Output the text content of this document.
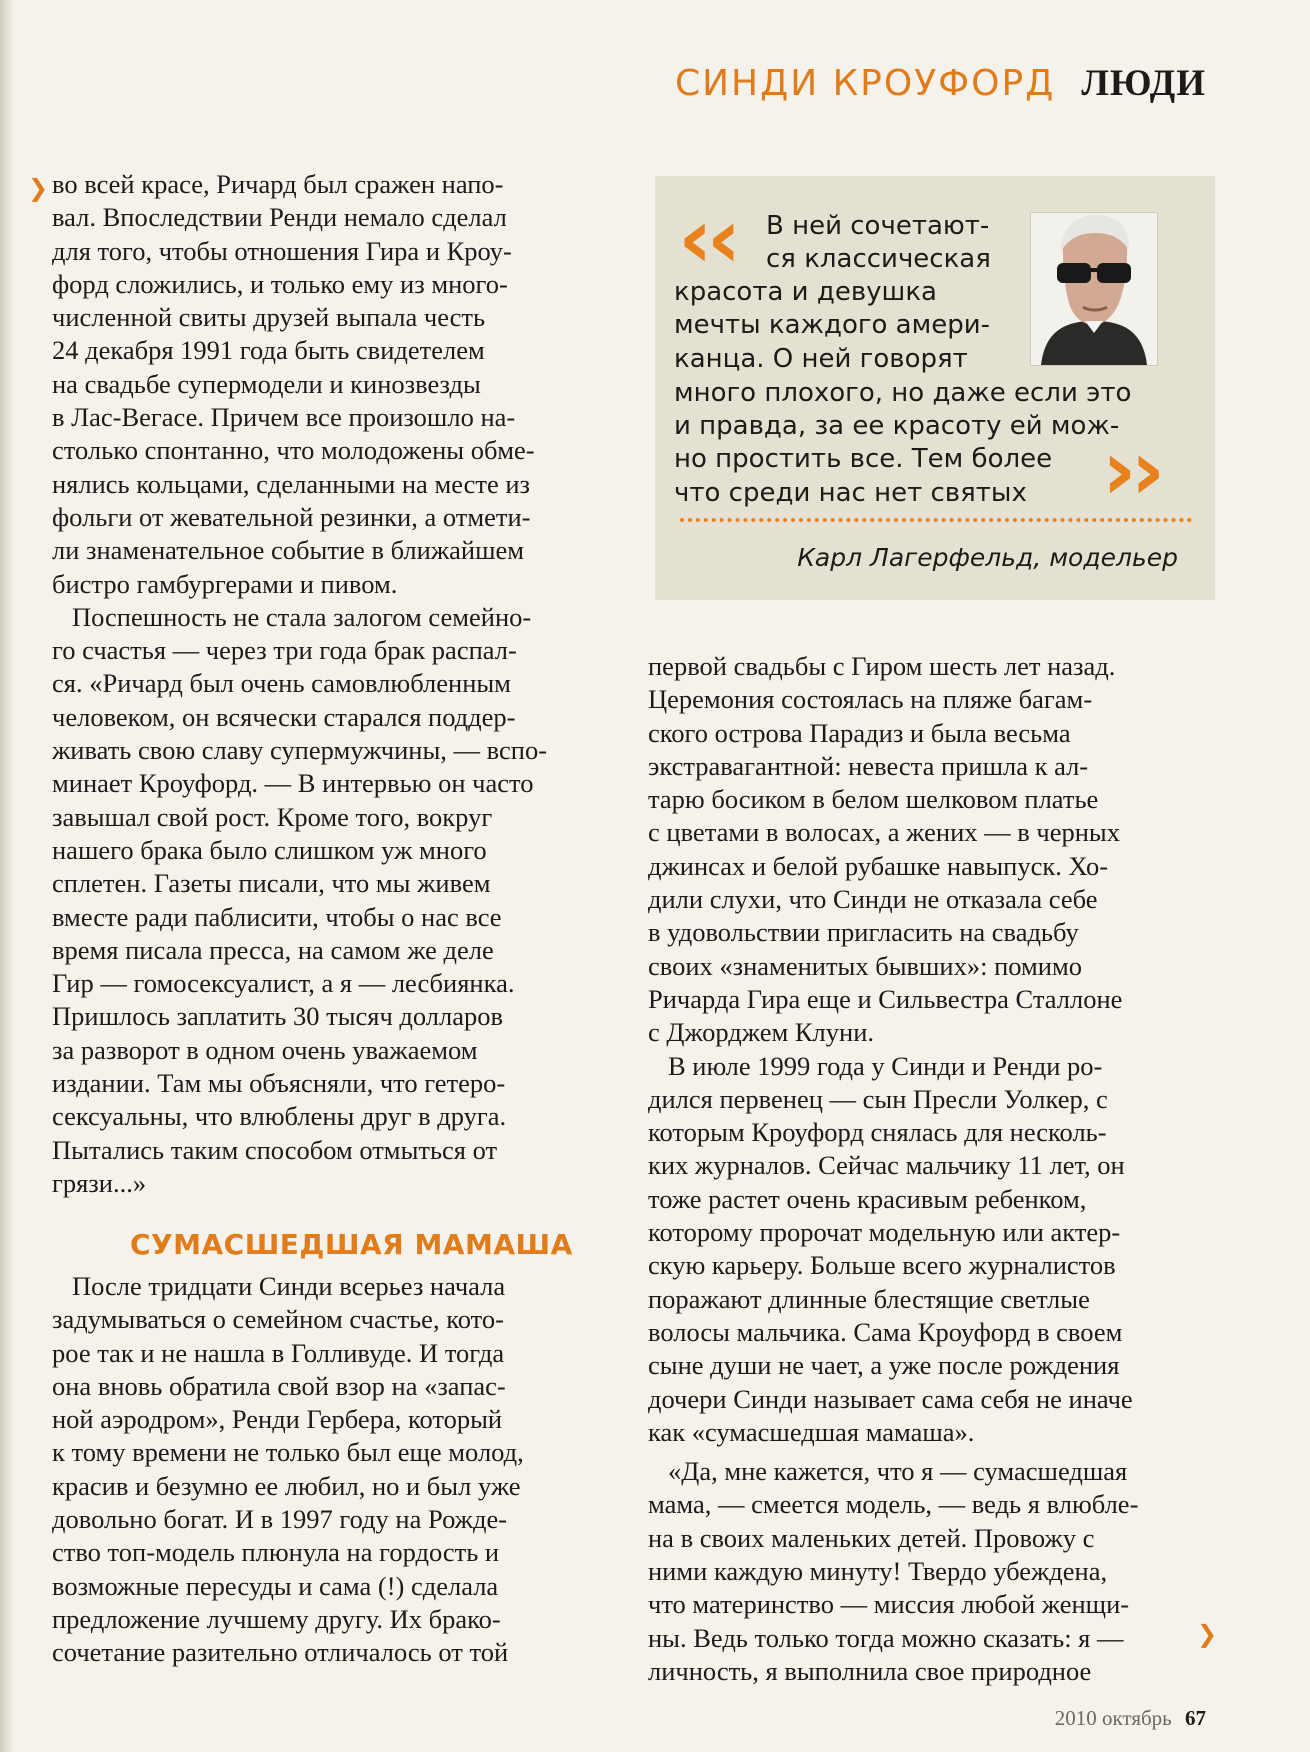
СИНДИ КРОУФОРД ЛЮДИ
❯ во всей красе, Ричард был сражен напо-
вал. Впоследствии Ренди немало сделал
для того, чтобы отношения Гира и Кроу-
форд сложились, и только ему из много-
численной свиты друзей выпала честь
24 декабря 1991 года быть свидетелем
на свадьбе супермодели и кинозвезды
в Лас-Вегасе. Причем все произошло на-
столько спонтанно, что молодожены обме-
нялись кольцами, сделанными на месте из
фольги от жевательной резинки, а отмети-
ли знаменательное событие в ближайшем
бистро гамбургерами и пивом.

Поспешность не стала залогом семейно-
го счастья — через три года брак распал-
ся. «Ричард был очень самовлюбленным
человеком, он всячески старался поддер-
живать свою славу супермужчины, — вспо-
минает Кроуфорд. — В интервью он часто
завышал свой рост. Кроме того, вокруг
нашего брака было слишком уж много
сплетен. Газеты писали, что мы живем
вместе ради паблисити, чтобы о нас все
время писала пресса, на самом же деле
Гир — гомосексуалист, а я — лесбиянка.
Пришлось заплатить 30 тысяч долларов
за разворот в одном очень уважаемом
издании. Там мы объясняли, что гетеро-
сексуальны, что влюблены друг в друга.
Пытались таким способом отмыться от
грязи...»

СУМАСШЕДШАЯ МАМАША

После тридцати Синди всерьез начала
задумываться о семейном счастье, кото-
рое так и не нашла в Голливуде. И тогда
она вновь обратила свой взор на «запас-
ной аэродром», Ренди Гербера, который
к тому времени не только был еще молод,
красив и безумно ее любил, но и был уже
довольно богат. И в 1997 году на Рожде-
ство топ-модель плюнула на гордость и
возможные пересуды и сама (!) сделала
предложение лучшему другу. Их брако-
сочетание разительно отличалось от той

‹‹ В ней сочетают-
ся классическая
красота и девушка
мечты каждого амери-
канца. О ней говорят
много плохого, но даже если это
и правда, за ее красоту ей мож-
но простить все. Тем более
что среди нас нет святых ››
Карл Лагерфельд, модельер

первой свадьбы с Гиром шесть лет назад.
Церемония состоялась на пляже багам-
ского острова Парадиз и была весьма
экстравагантной: невеста пришла к ал-
тарю босиком в белом шелковом платье
с цветами в волосах, а жених — в черных
джинсах и белой рубашке навыпуск. Хо-
дили слухи, что Синди не отказала себе
в удовольствии пригласить на свадьбу
своих «знаменитых бывших»: помимо
Ричарда Гира еще и Сильвестра Сталлоне
с Джорджем Клуни.

В июле 1999 года у Синди и Ренди ро-
дился первенец — сын Пресли Уолкер, с
которым Кроуфорд снялась для несколь-
ких журналов. Сейчас мальчику 11 лет, он
тоже растет очень красивым ребенком,
которому пророчат модельную или актер-
скую карьеру. Больше всего журналистов
поражают длинные блестящие светлые
волосы мальчика. Сама Кроуфорд в своем
сыне души не чает, а уже после рождения
дочери Синди называет сама себя не иначе
как «сумасшедшая мамаша».

«Да, мне кажется, что я — сумасшедшая
мама, — смеется модель, — ведь я влюбле-
на в своих маленьких детей. Провожу с
ними каждую минуту! Твердо убеждена,
что материнство — миссия любой женщи-
ны. Ведь только тогда можно сказать: я —
личность, я выполнила свое природное

❯
2010 октябрь 67
